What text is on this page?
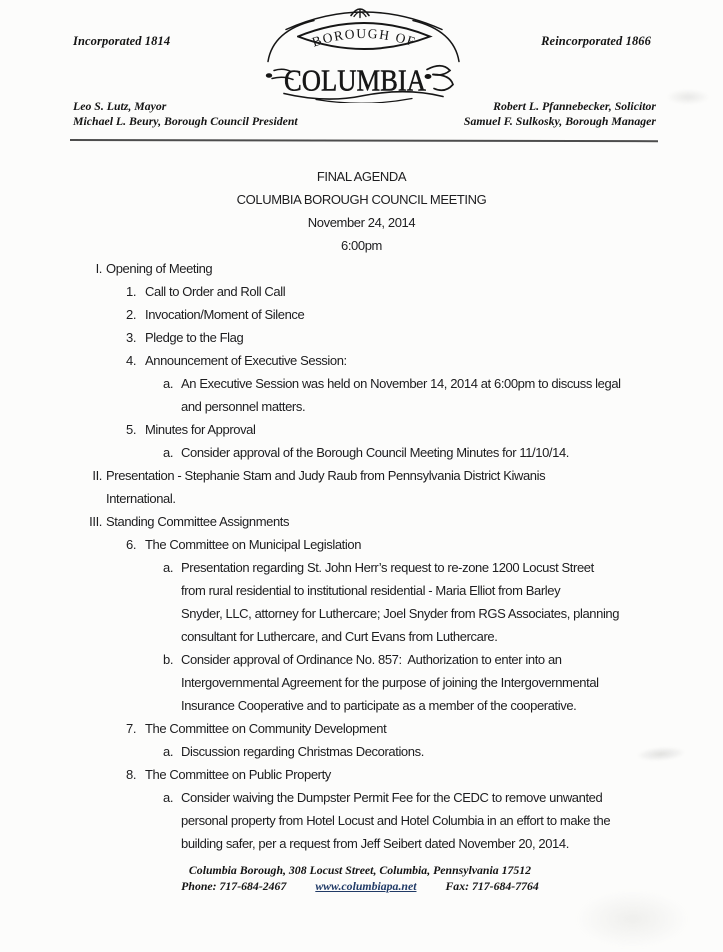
Incorporated 1814	Reincorporated 1866
BOROUGH OF
COLUMBIA
Leo S. Lutz, Mayor
Michael L. Beury, Borough Council President
Robert L. Pfannebecker, Solicitor
Samuel F. Sulkosky, Borough Manager
FINAL AGENDA
COLUMBIA BOROUGH COUNCIL MEETING
November 24, 2014
6:00pm
I. Opening of Meeting
1. Call to Order and Roll Call
2. Invocation/Moment of Silence
3. Pledge to the Flag
4. Announcement of Executive Session:
a. An Executive Session was held on November 14, 2014 at 6:00pm to discuss legal
and personnel matters.
5. Minutes for Approval
a. Consider approval of the Borough Council Meeting Minutes for 11/10/14.
II. Presentation - Stephanie Stam and Judy Raub from Pennsylvania District Kiwanis
International.
III. Standing Committee Assignments
6. The Committee on Municipal Legislation
a. Presentation regarding St. John Herr’s request to re-zone 1200 Locust Street
from rural residential to institutional residential - Maria Elliot from Barley
Snyder, LLC, attorney for Luthercare; Joel Snyder from RGS Associates, planning
consultant for Luthercare, and Curt Evans from Luthercare.
b. Consider approval of Ordinance No. 857:  Authorization to enter into an
Intergovernmental Agreement for the purpose of joining the Intergovernmental
Insurance Cooperative and to participate as a member of the cooperative.
7. The Committee on Community Development
a. Discussion regarding Christmas Decorations.
8. The Committee on Public Property
a. Consider waiving the Dumpster Permit Fee for the CEDC to remove unwanted
personal property from Hotel Locust and Hotel Columbia in an effort to make the
building safer, per a request from Jeff Seibert dated November 20, 2014.
Columbia Borough, 308 Locust Street, Columbia, Pennsylvania 17512
Phone: 717-684-2467 www.columbiapa.net Fax: 717-684-7764
